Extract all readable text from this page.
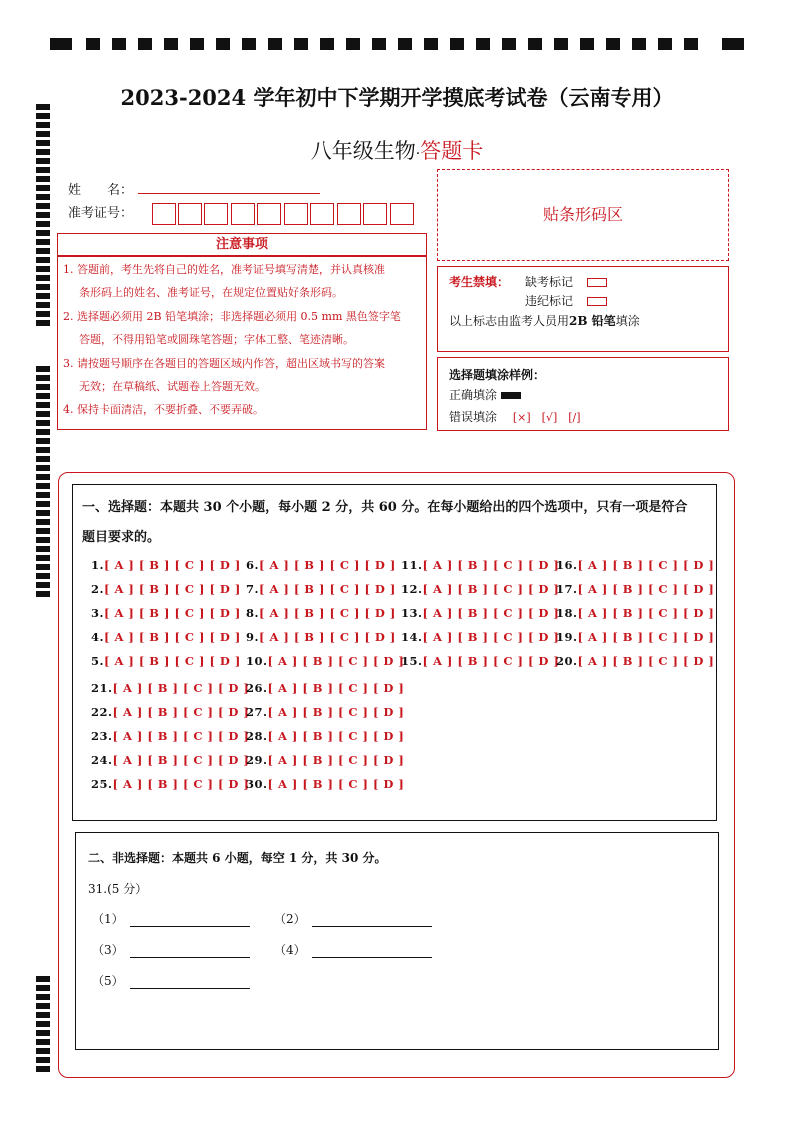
2023-2024 学年初中下学期开学摸底考试卷（云南专用）
八年级生物·答题卡
姓　　名：
准考证号：	贴条形码区
注意事项
1. 答题前，考生先将自己的姓名，准考证号填写清楚，并认真核准
条形码上的姓名、准考证号，在规定位置贴好条形码。
2. 选择题必须用 2B 铅笔填涂；非选择题必须用 0.5 mm 黑色签字笔
答题，不得用铅笔或圆珠笔答题；字体工整、笔迹清晰。
3. 请按题号顺序在各题目的答题区域内作答，超出区域书写的答案
无效；在草稿纸、试题卷上答题无效。
4. 保持卡面清洁，不要折叠、不要弄破。
考生禁填： 缺考标记
违纪标记
以上标志由监考人员用2B 铅笔填涂
选择题填涂样例：
正确填涂
错误填涂 [×]　[√]　[/]
一、选择题：本题共 30 个小题，每小题 2 分，共 60 分。在每小题给出的四个选项中，只有一项是符合
题目要求的。
1.[ A ] [ B ] [ C ] [ D ]
2.[ A ] [ B ] [ C ] [ D ]
3.[ A ] [ B ] [ C ] [ D ]
4.[ A ] [ B ] [ C ] [ D ]
5.[ A ] [ B ] [ C ] [ D ]
6.[ A ] [ B ] [ C ] [ D ]
7.[ A ] [ B ] [ C ] [ D ]
8.[ A ] [ B ] [ C ] [ D ]
9.[ A ] [ B ] [ C ] [ D ]
10.[ A ] [ B ] [ C ] [ D ]
11.[ A ] [ B ] [ C ] [ D ]
12.[ A ] [ B ] [ C ] [ D ]
13.[ A ] [ B ] [ C ] [ D ]
14.[ A ] [ B ] [ C ] [ D ]
15.[ A ] [ B ] [ C ] [ D ]
16.[ A ] [ B ] [ C ] [ D ]
17.[ A ] [ B ] [ C ] [ D ]
18.[ A ] [ B ] [ C ] [ D ]
19.[ A ] [ B ] [ C ] [ D ]
20.[ A ] [ B ] [ C ] [ D ]
21.[ A ] [ B ] [ C ] [ D ]
22.[ A ] [ B ] [ C ] [ D ]
23.[ A ] [ B ] [ C ] [ D ]
24.[ A ] [ B ] [ C ] [ D ]
25.[ A ] [ B ] [ C ] [ D ]
26.[ A ] [ B ] [ C ] [ D ]
27.[ A ] [ B ] [ C ] [ D ]
28.[ A ] [ B ] [ C ] [ D ]
29.[ A ] [ B ] [ C ] [ D ]
30.[ A ] [ B ] [ C ] [ D ]
二、非选择题：本题共 6 小题，每空 1 分，共 30 分。
31.(5 分）
（1）	（2）
（3）	（4）
（5）
